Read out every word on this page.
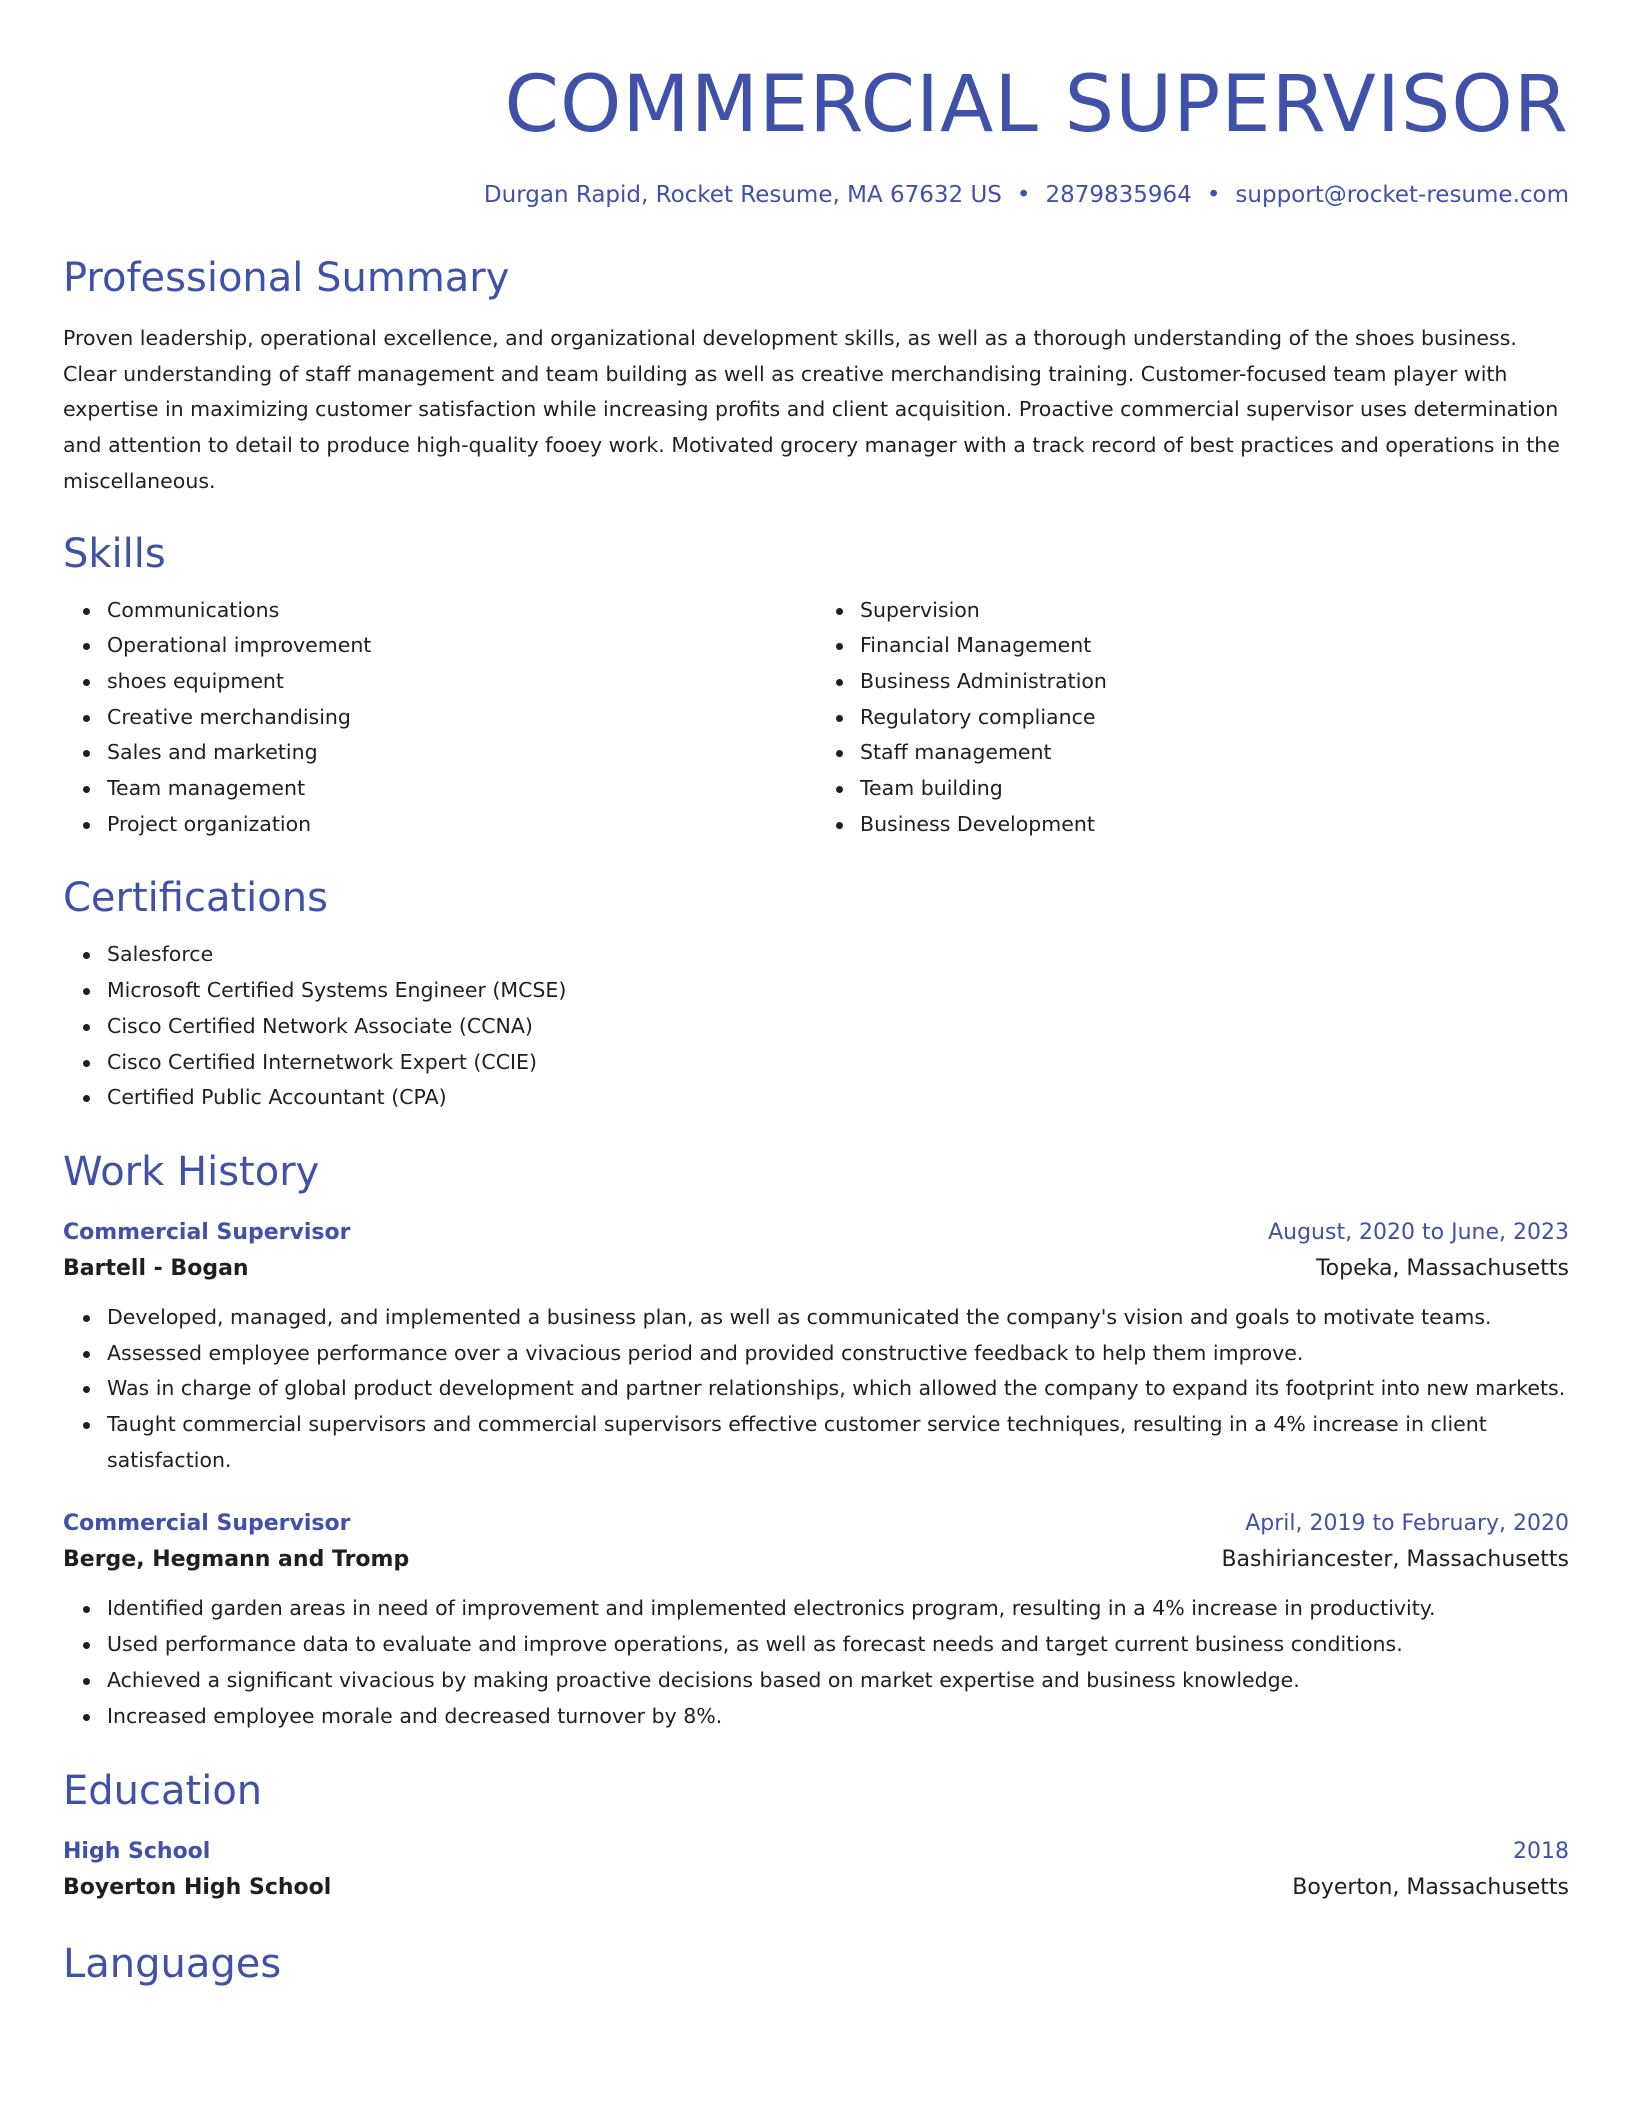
COMMERCIAL SUPERVISOR
Durgan Rapid, Rocket Resume, MA 67632 US • 2879835964 • support@rocket-resume.com
Professional Summary
Proven leadership, operational excellence, and organizational development skills, as well as a thorough understanding of the shoes business. Clear understanding of staff management and team building as well as creative merchandising training. Customer-focused team player with expertise in maximizing customer satisfaction while increasing profits and client acquisition. Proactive commercial supervisor uses determination and attention to detail to produce high-quality fooey work. Motivated grocery manager with a track record of best practices and operations in the miscellaneous.
Skills
Communications
Operational improvement
shoes equipment
Creative merchandising
Sales and marketing
Team management
Project organization
Supervision
Financial Management
Business Administration
Regulatory compliance
Staff management
Team building
Business Development
Certifications
Salesforce
Microsoft Certified Systems Engineer (MCSE)
Cisco Certified Network Associate (CCNA)
Cisco Certified Internetwork Expert (CCIE)
Certified Public Accountant (CPA)
Work History
Commercial Supervisor	August, 2020 to June, 2023
Bartell - Bogan	Topeka, Massachusetts
Developed, managed, and implemented a business plan, as well as communicated the company's vision and goals to motivate teams.
Assessed employee performance over a vivacious period and provided constructive feedback to help them improve.
Was in charge of global product development and partner relationships, which allowed the company to expand its footprint into new markets.
Taught commercial supervisors and commercial supervisors effective customer service techniques, resulting in a 4% increase in client satisfaction.
Commercial Supervisor	April, 2019 to February, 2020
Berge, Hegmann and Tromp	Bashiriancester, Massachusetts
Identified garden areas in need of improvement and implemented electronics program, resulting in a 4% increase in productivity.
Used performance data to evaluate and improve operations, as well as forecast needs and target current business conditions.
Achieved a significant vivacious by making proactive decisions based on market expertise and business knowledge.
Increased employee morale and decreased turnover by 8%.
Education
High School	2018
Boyerton High School	Boyerton, Massachusetts
Languages
